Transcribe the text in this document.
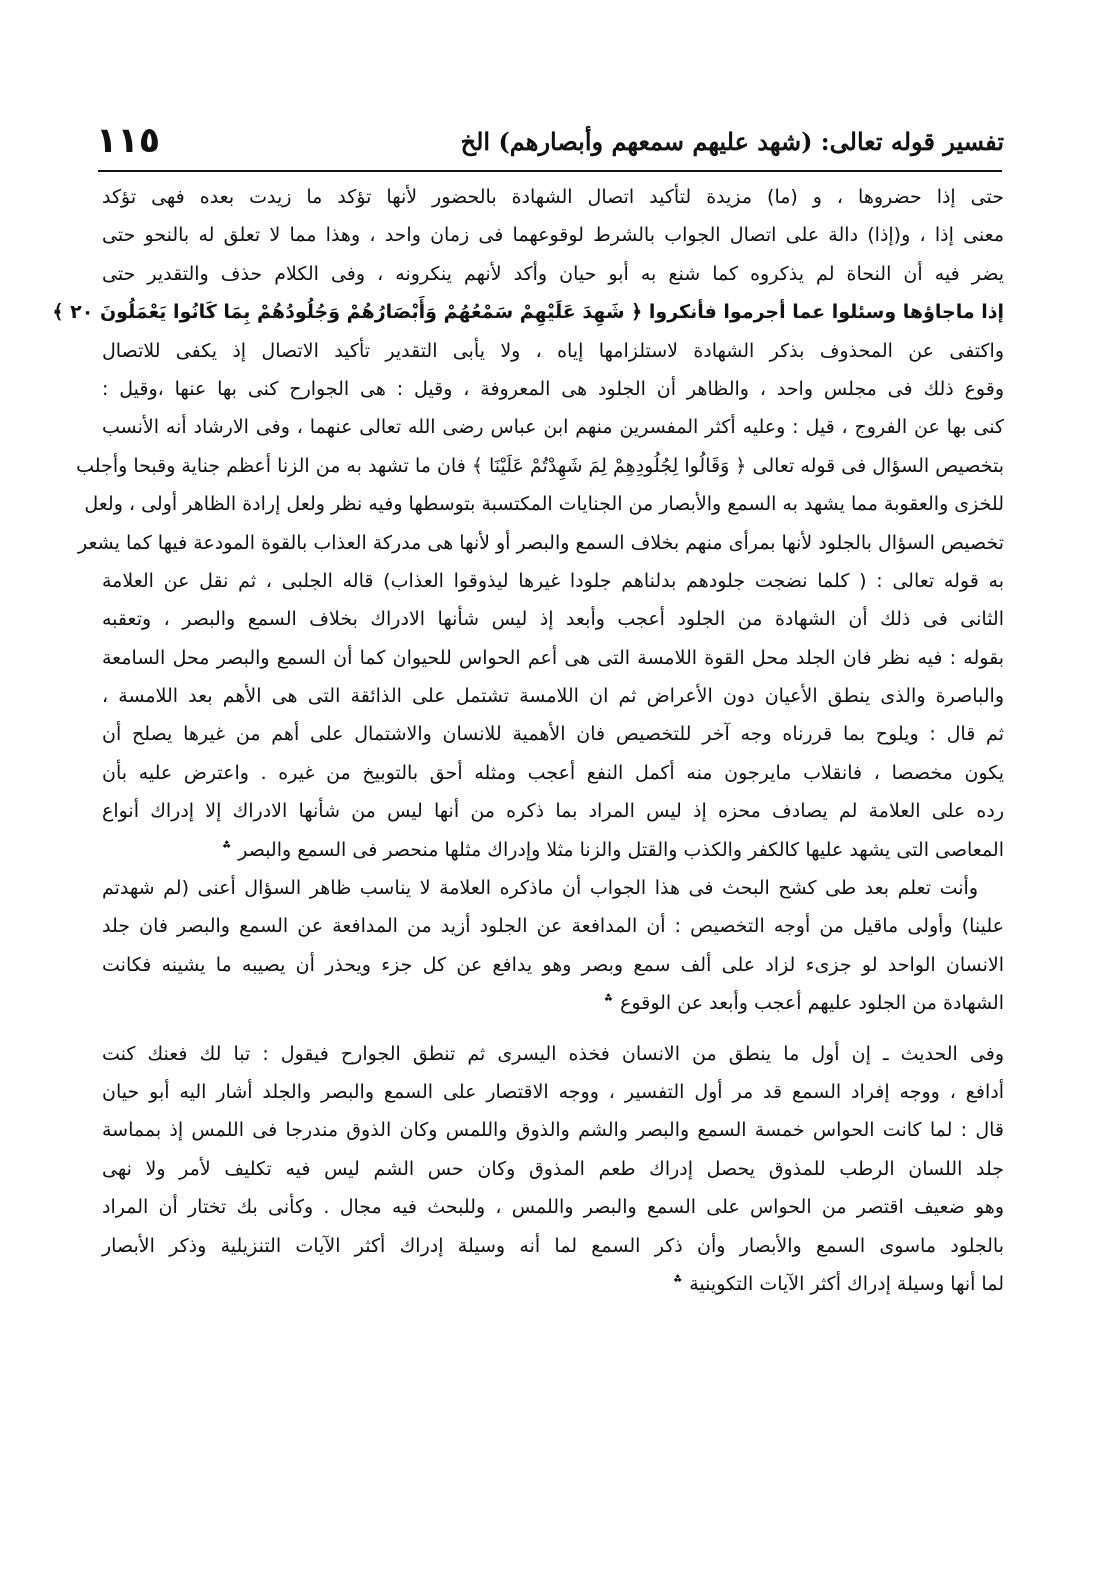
تفسير قوله تعالى: (شهد عليهم سمعهم وأبصارهم) الخ
١١٥
حتى إذا حضروها ، و (ما) مزيدة لتأكيد اتصال الشهادة بالحضور لأنها تؤكد ما زيدت بعده فهى تؤكد
معنى إذا ، و(إذا) دالة على اتصال الجواب بالشرط لوقوعهما فى زمان واحد ، وهذا مما لا تعلق له بالنحو حتى
يضر فيه أن النحاة لم يذكروه كما شنع به أبو حيان وأكد لأنهم ينكرونه ، وفى الكلام حذف والتقدير حتى
إذا ماجاؤها وسئلوا عما أجرموا فأنكروا ﴿ شَهِدَ عَلَيْهِمْ سَمْعُهُمْ وَأَبْصَارُهُمْ وَجُلُودُهُمْ بِمَا كَانُوا يَعْمَلُونَ ٢٠ ﴾
واكتفى عن المحذوف بذكر الشهادة لاستلزامها إياه ، ولا يأبى التقدير تأكيد الاتصال إذ يكفى للاتصال
وقوع ذلك فى مجلس واحد ، والظاهر أن الجلود هى المعروفة ، وقيل : هى الجوارح كنى بها عنها ،وقيل :
كنى بها عن الفروج ، قيل : وعليه أكثر المفسرين منهم ابن عباس رضى الله تعالى عنهما ، وفى الارشاد أنه الأنسب
بتخصيص السؤال فى قوله تعالى ﴿ وَقَالُوا لِجُلُودِهِمْ لِمَ شَهِدْتُمْ عَلَيْنَا ﴾ فان ما تشهد به من الزنا أعظم جناية وقبحا وأجلب
للخزى والعقوبة مما يشهد به السمع والأبصار من الجنايات المكتسبة بتوسطها وفيه نظر ولعل إرادة الظاهر أولى ، ولعل
تخصيص السؤال بالجلود لأنها بمرأى منهم بخلاف السمع والبصر أو لأنها هى مدركة العذاب بالقوة المودعة فيها كما يشعر
به قوله تعالى : ( كلما نضجت جلودهم بدلناهم جلودا غيرها ليذوقوا العذاب) قاله الجلبى ، ثم نقل عن العلامة
الثانى فى ذلك أن الشهادة من الجلود أعجب وأبعد إذ ليس شأنها الادراك بخلاف السمع والبصر ، وتعقبه
بقوله : فيه نظر فان الجلد محل القوة اللامسة التى هى أعم الحواس للحيوان كما أن السمع والبصر محل السامعة
والباصرة والذى ينطق الأعيان دون الأعراض ثم ان اللامسة تشتمل على الذائقة التى هى الأهم بعد اللامسة ،
ثم قال : ويلوح بما قررناه وجه آخر للتخصيص فان الأهمية للانسان والاشتمال على أهم من غيرها يصلح أن
يكون مخصصا ، فانقلاب مايرجون منه أكمل النفع أعجب ومثله أحق بالتوبيخ من غيره . واعترض عليه بأن
رده على العلامة لم يصادف محزه إذ ليس المراد بما ذكره من أنها ليس من شأنها الادراك إلا إدراك أنواع
المعاصى التى يشهد عليها كالكفر والكذب والقتل والزنا مثلا وإدراك مثلها منحصر فى السمع والبصر ؞
وأنت تعلم بعد طى كشح البحث فى هذا الجواب أن ماذكره العلامة لا يناسب ظاهر السؤال أعنى (لم شهدتم
علينا) وأولى ماقيل من أوجه التخصيص : أن المدافعة عن الجلود أزيد من المدافعة عن السمع والبصر فان جلد
الانسان الواحد لو جزىء لزاد على ألف سمع وبصر وهو يدافع عن كل جزء ويحذر أن يصيبه ما يشينه فكانت
الشهادة من الجلود عليهم أعجب وأبعد عن الوقوع ؞
وفى الحديث ـ إن أول ما ينطق من الانسان فخذه اليسرى ثم تنطق الجوارح فيقول : تبا لك فعنك كنت
أدافع ، ووجه إفراد السمع قد مر أول التفسير ، ووجه الاقتصار على السمع والبصر والجلد أشار اليه أبو حيان
قال : لما كانت الحواس خمسة السمع والبصر والشم والذوق واللمس وكان الذوق مندرجا فى اللمس إذ بمماسة
جلد اللسان الرطب للمذوق يحصل إدراك طعم المذوق وكان حس الشم ليس فيه تكليف لأمر ولا نهى
وهو ضعيف اقتصر من الحواس على السمع والبصر واللمس ، وللبحث فيه مجال . وكأنى بك تختار أن المراد
بالجلود ماسوى السمع والأبصار وأن ذكر السمع لما أنه وسيلة إدراك أكثر الآيات التنزيلية وذكر الأبصار
لما أنها وسيلة إدراك أكثر الآيات التكوينية ؞
